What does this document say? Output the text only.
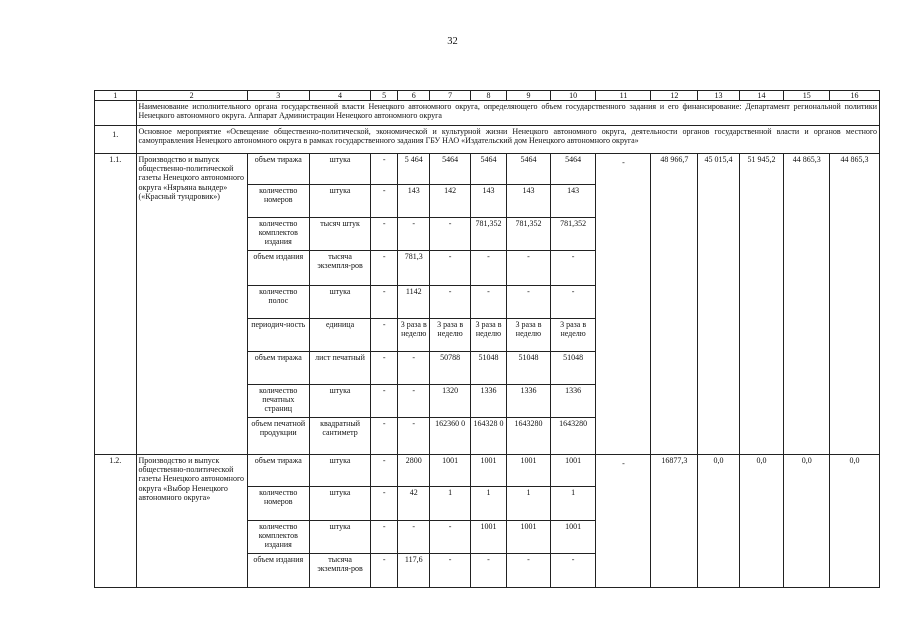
32
1	2	3	4	5	6	7	8	9	10	11	12	13	14	15	16
	Наименование исполнительного органа государственной власти Ненецкого автономного округа, определяющего объем государственного задания и его финансирование: Департамент региональной политики Ненецкого автономного округа. Аппарат Администрации Ненецкого автономного округа														
1.	Основное мероприятие «Освещение общественно-политической, экономической и культурной жизни Ненецкого автономного округа, деятельности органов государственной власти и органов местного самоуправления Ненецкого автономного округа в рамках государственного задания ГБУ НАО «Издательский дом Ненецкого автономного округа»														
1.1.	Производство и выпуск общественно-политической газеты Ненецкого автономного округа «Няръяна вындер» («Красный тундровик»)	объем тиража	штука	-	5 464	5464	5464	5464	5464	-	48 966,7	45 015,4	51 945,2	44 865,3	44 865,3
		количество номеров	штука	-	143	142	143	143	143						
		количество комплектов издания	тысяч штук	-	-	-	781,352	781,352	781,352						
		объем издания	тысяча экземпля-ров	-	781,3	-	-	-	-						
		количество полос	штука	-	1142	-	-	-	-						
		периодич-ность	единица	-	3 раза в неделю	3 раза в неделю	3 раза в неделю	3 раза в неделю	3 раза в неделю						
		объем тиража	лист печатный	-	-	50788	51048	51048	51048						
		количество печатных страниц	штука	-	-	1320	1336	1336	1336						
		объем печатной продукции	квадратный сантиметр	-	-	162360 0	164328 0	1643280	1643280						
1.2.	Производство и выпуск общественно-политической газеты Ненецкого автономного округа «Выбор Ненецкого автономного округа»	объем тиража	штука	-	2800	1001	1001	1001	1001	-	16877,3	0,0	0,0	0,0	0,0
		количество номеров	штука	-	42	1	1	1	1						
		количество комплектов издания	штука	-	-	-	1001	1001	1001						
		объем издания	тысяча экземпля-ров	-	117,6	-	-	-	-						
